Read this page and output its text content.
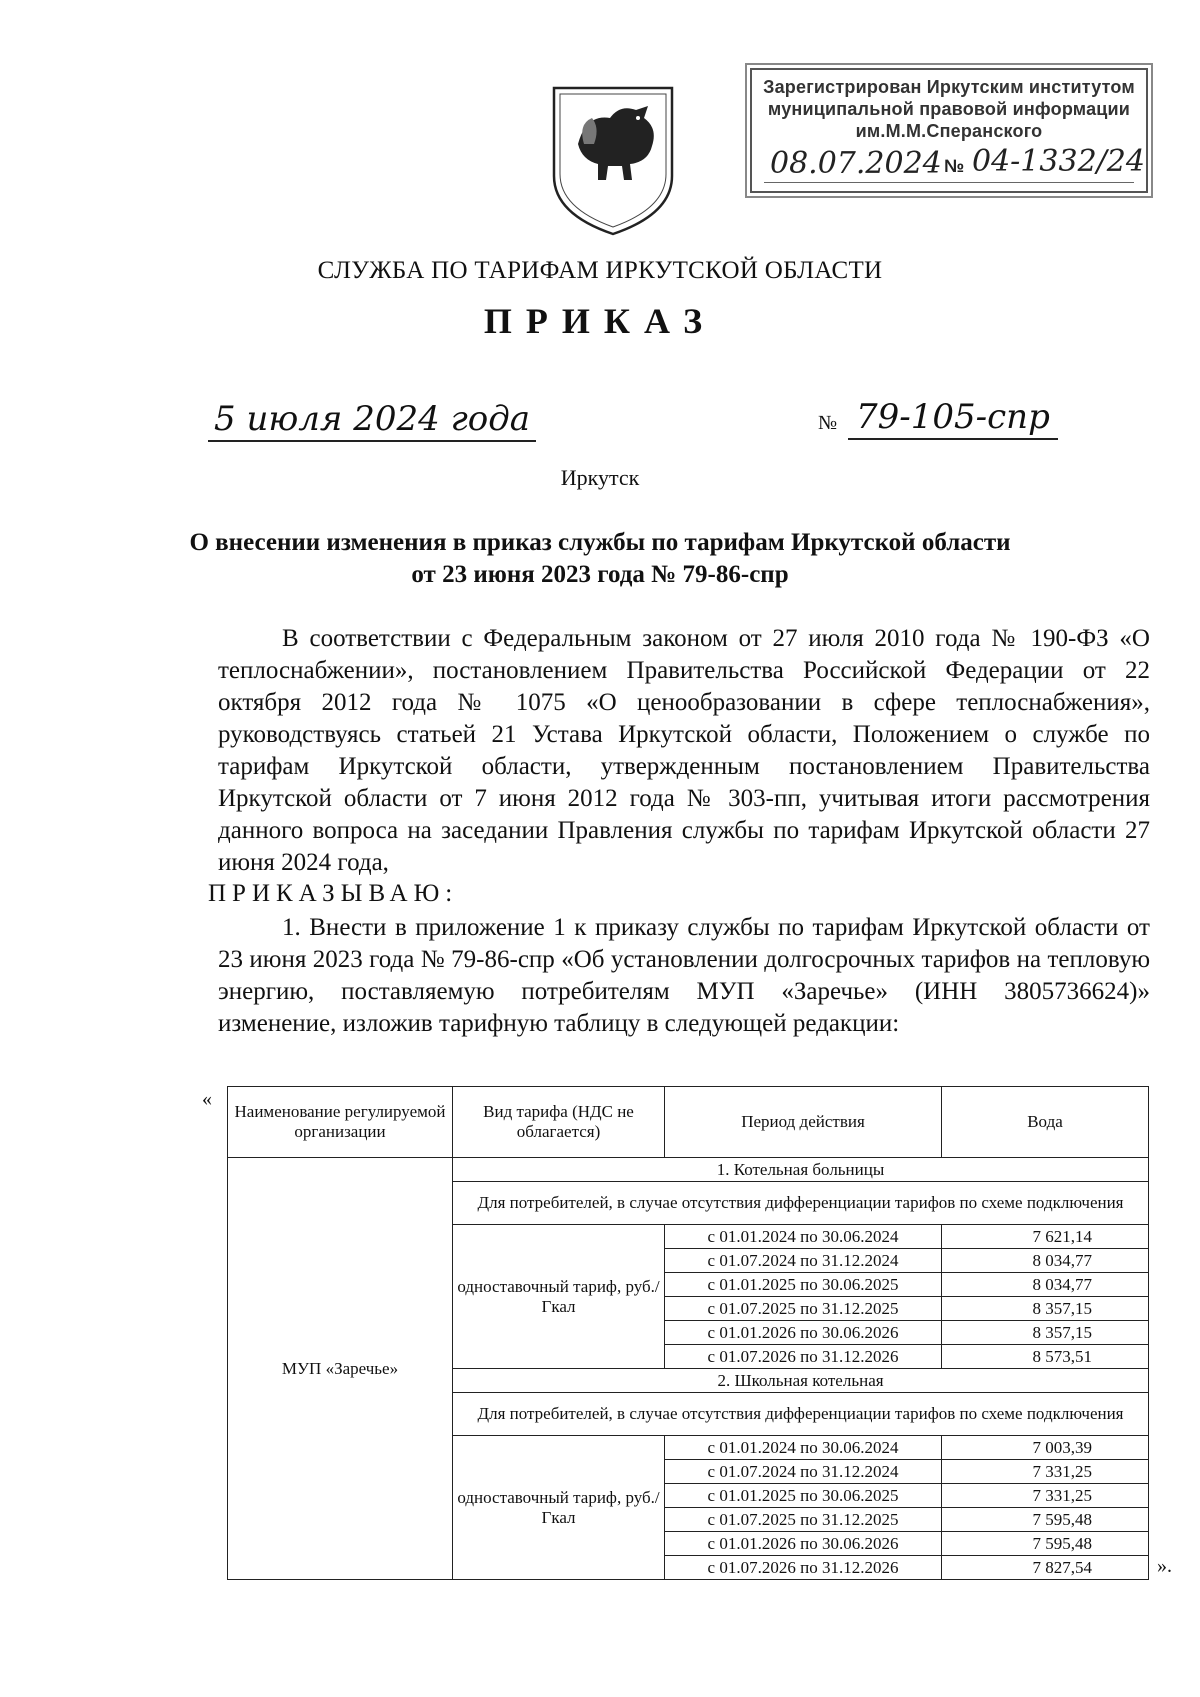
Зарегистрирован Иркутским институтом
муниципальной правовой информации
им.М.М.Сперанского
08.07.2024 № 04-1332/24
СЛУЖБА ПО ТАРИФАМ ИРКУТСКОЙ ОБЛАСТИ
ПРИКАЗ
5 июля 2024 года	№ 79-105-спр
Иркутск
О внесении изменения в приказ службы по тарифам Иркутской области
от 23 июня 2023 года № 79-86-спр
В соответствии с Федеральным законом от 27 июля 2010 года № 190-ФЗ «О теплоснабжении», постановлением Правительства Российской Федерации от 22 октября 2012 года № 1075 «О ценообразовании в сфере теплоснабжения», руководствуясь статьей 21 Устава Иркутской области, Положением о службе по тарифам Иркутской области, утвержденным постановлением Правительства Иркутской области от 7 июня 2012 года № 303-пп, учитывая итоги рассмотрения данного вопроса на заседании Правления службы по тарифам Иркутской области 27 июня 2024 года,
ПРИКАЗЫВАЮ:
1. Внести в приложение 1 к приказу службы по тарифам Иркутской области от 23 июня 2023 года № 79-86-спр «Об установлении долгосрочных тарифов на тепловую энергию, поставляемую потребителям МУП «Заречье» (ИНН 3805736624)» изменение, изложив тарифную таблицу в следующей редакции:
«
».
Наименование регулируемой организации	Вид тарифа (НДС не облагается)	Период действия	Вода
МУП «Заречье»	1. Котельная больницы		
	Для потребителей, в случае отсутствия дифференциации тарифов по схеме подключения		
	одноставочный тариф, руб./Гкал	с 01.01.2024 по 30.06.2024	7 621,14
		с 01.07.2024 по 31.12.2024	8 034,77
		с 01.01.2025 по 30.06.2025	8 034,77
		с 01.07.2025 по 31.12.2025	8 357,15
		с 01.01.2026 по 30.06.2026	8 357,15
		с 01.07.2026 по 31.12.2026	8 573,51
	2. Школьная котельная		
	Для потребителей, в случае отсутствия дифференциации тарифов по схеме подключения		
	одноставочный тариф, руб./Гкал	с 01.01.2024 по 30.06.2024	7 003,39
		с 01.07.2024 по 31.12.2024	7 331,25
		с 01.01.2025 по 30.06.2025	7 331,25
		с 01.07.2025 по 31.12.2025	7 595,48
		с 01.01.2026 по 30.06.2026	7 595,48
		с 01.07.2026 по 31.12.2026	7 827,54
